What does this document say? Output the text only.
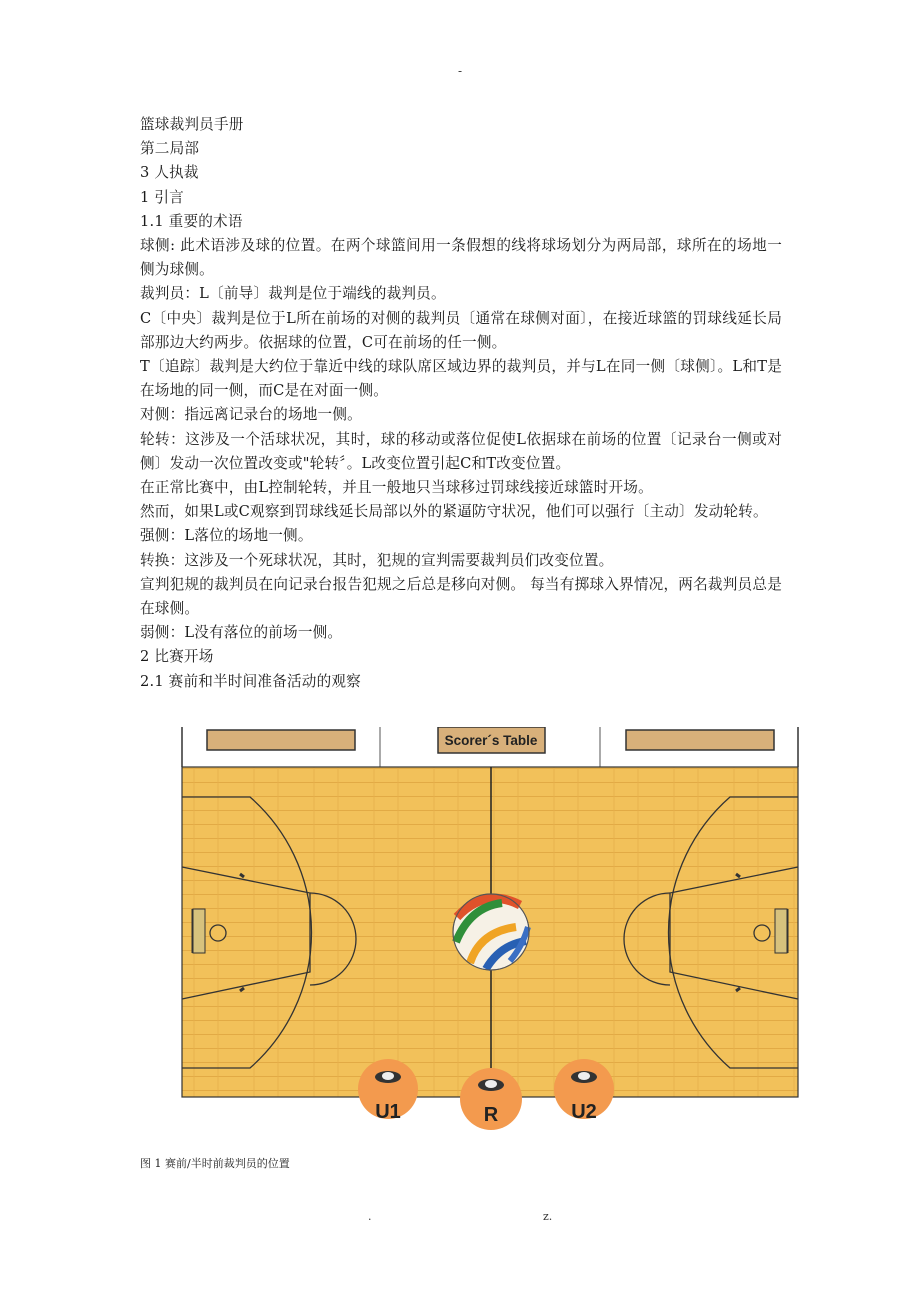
-

篮球裁判员手册

第二局部

3 人执裁

1 引言

1.1 重要的术语

球侧: 此术语涉及球的位置。在两个球篮间用一条假想的线将球场划分为两局部，球所在的场地一侧为球侧。

裁判员：L〔前导〕裁判是位于端线的裁判员。

C〔中央〕裁判是位于L所在前场的对侧的裁判员〔通常在球侧对面〕，在接近球篮的罚球线延长局部那边大约两步。依据球的位置，C可在前场的任一侧。

T〔追踪〕裁判是大约位于靠近中线的球队席区域边界的裁判员，并与L在同一侧〔球侧〕。L和T是在场地的同一侧，而C是在对面一侧。

对侧：指远离记录台的场地一侧。

轮转：这涉及一个活球状况，其时，球的移动或落位促使L依据球在前场的位置〔记录台一侧或对侧〕发动一次位置改变或"轮转〞。L改变位置引起C和T改变位置。

在正常比赛中，由L控制轮转，并且一般地只当球移过罚球线接近球篮时开场。

然而，如果L或C观察到罚球线延长局部以外的紧逼防守状况，他们可以强行〔主动〕发动轮转。

强侧：L落位的场地一侧。

转换：这涉及一个死球状况，其时，犯规的宣判需要裁判员们改变位置。

宣判犯规的裁判员在向记录台报告犯规之后总是移向对侧。 每当有掷球入界情况，两名裁判员总是在球侧。

弱侧：L没有落位的前场一侧。

2 比赛开场

2.1 赛前和半时间准备活动的观察

Scorer´s Table
U1	R	U2
图 1 赛前/半时前裁判员的位置
.	z.
